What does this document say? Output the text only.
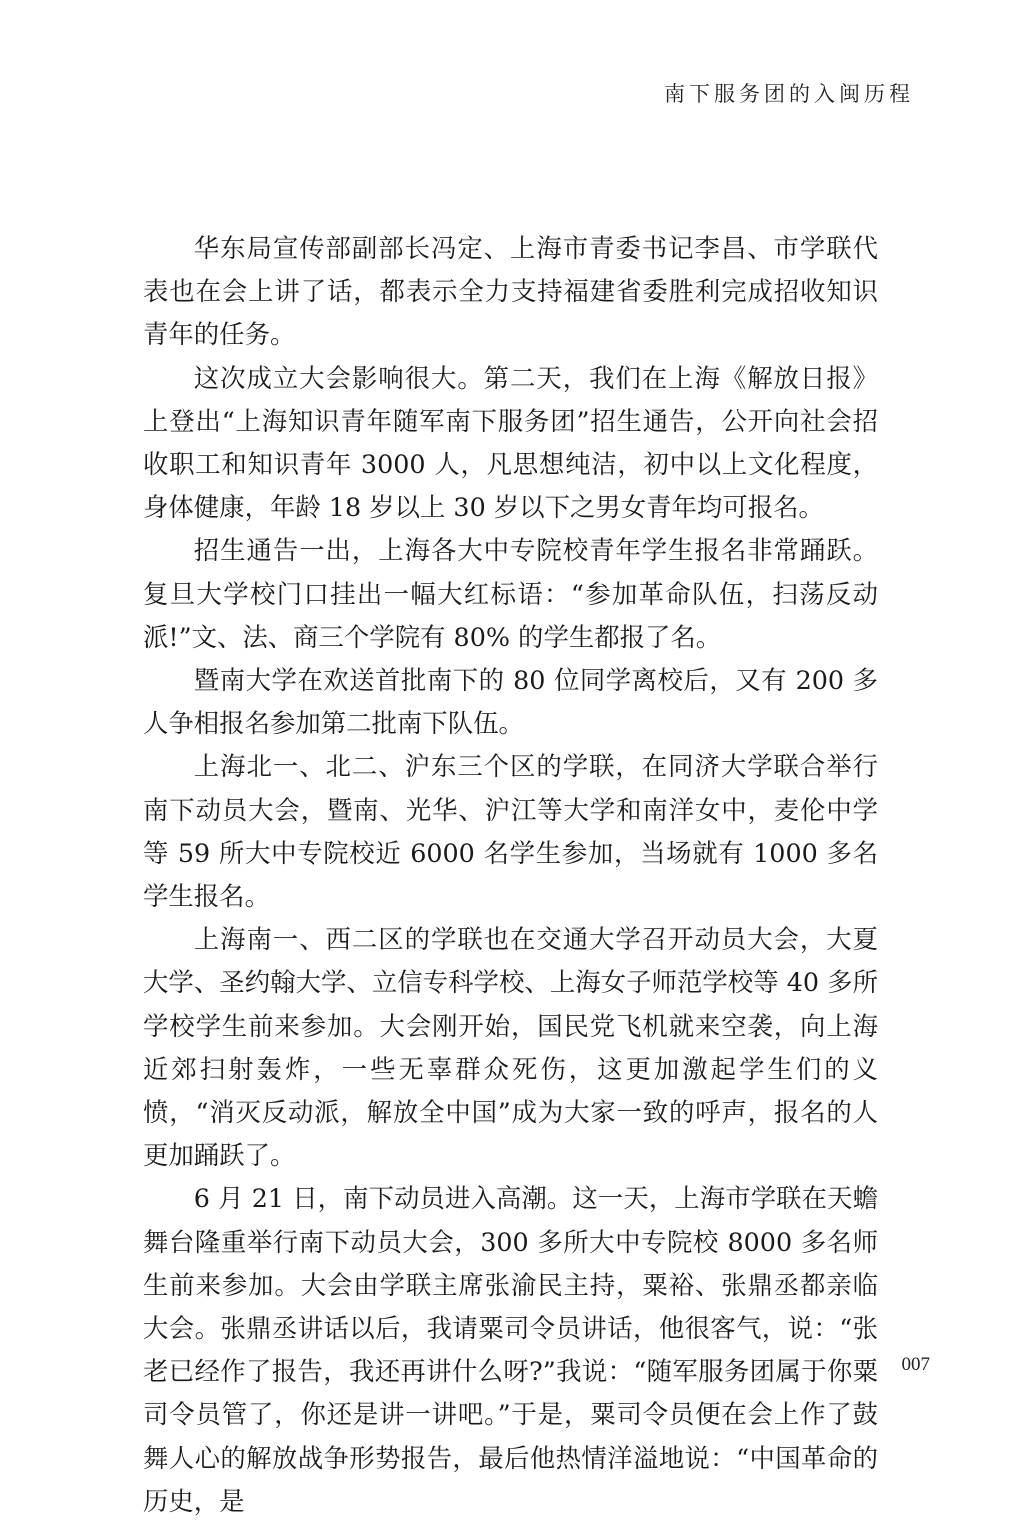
南下服务团的入闽历程

华东局宣传部副部长冯定、上海市青委书记李昌、市学联代表也在会上讲了话，都表示全力支持福建省委胜利完成招收知识青年的任务。

这次成立大会影响很大。第二天，我们在上海《解放日报》上登出“上海知识青年随军南下服务团”招生通告，公开向社会招收职工和知识青年 3000 人，凡思想纯洁，初中以上文化程度，身体健康，年龄 18 岁以上 30 岁以下之男女青年均可报名。

招生通告一出，上海各大中专院校青年学生报名非常踊跃。复旦大学校门口挂出一幅大红标语：“参加革命队伍，扫荡反动派!”文、法、商三个学院有 80% 的学生都报了名。

暨南大学在欢送首批南下的 80 位同学离校后，又有 200 多人争相报名参加第二批南下队伍。

上海北一、北二、沪东三个区的学联，在同济大学联合举行南下动员大会，暨南、光华、沪江等大学和南洋女中，麦伦中学等 59 所大中专院校近 6000 名学生参加，当场就有 1000 多名学生报名。

上海南一、西二区的学联也在交通大学召开动员大会，大夏大学、圣约翰大学、立信专科学校、上海女子师范学校等 40 多所学校学生前来参加。大会刚开始，国民党飞机就来空袭，向上海近郊扫射轰炸，一些无辜群众死伤，这更加激起学生们的义愤，“消灭反动派，解放全中国”成为大家一致的呼声，报名的人更加踊跃了。

6 月 21 日，南下动员进入高潮。这一天，上海市学联在天蟾舞台隆重举行南下动员大会，300 多所大中专院校 8000 多名师生前来参加。大会由学联主席张渝民主持，粟裕、张鼎丞都亲临大会。张鼎丞讲话以后，我请粟司令员讲话，他很客气，说：“张老已经作了报告，我还再讲什么呀?”我说：“随军服务团属于你粟司令员管了，你还是讲一讲吧。”于是，粟司令员便在会上作了鼓舞人心的解放战争形势报告，最后他热情洋溢地说：“中国革命的历史，是

007
